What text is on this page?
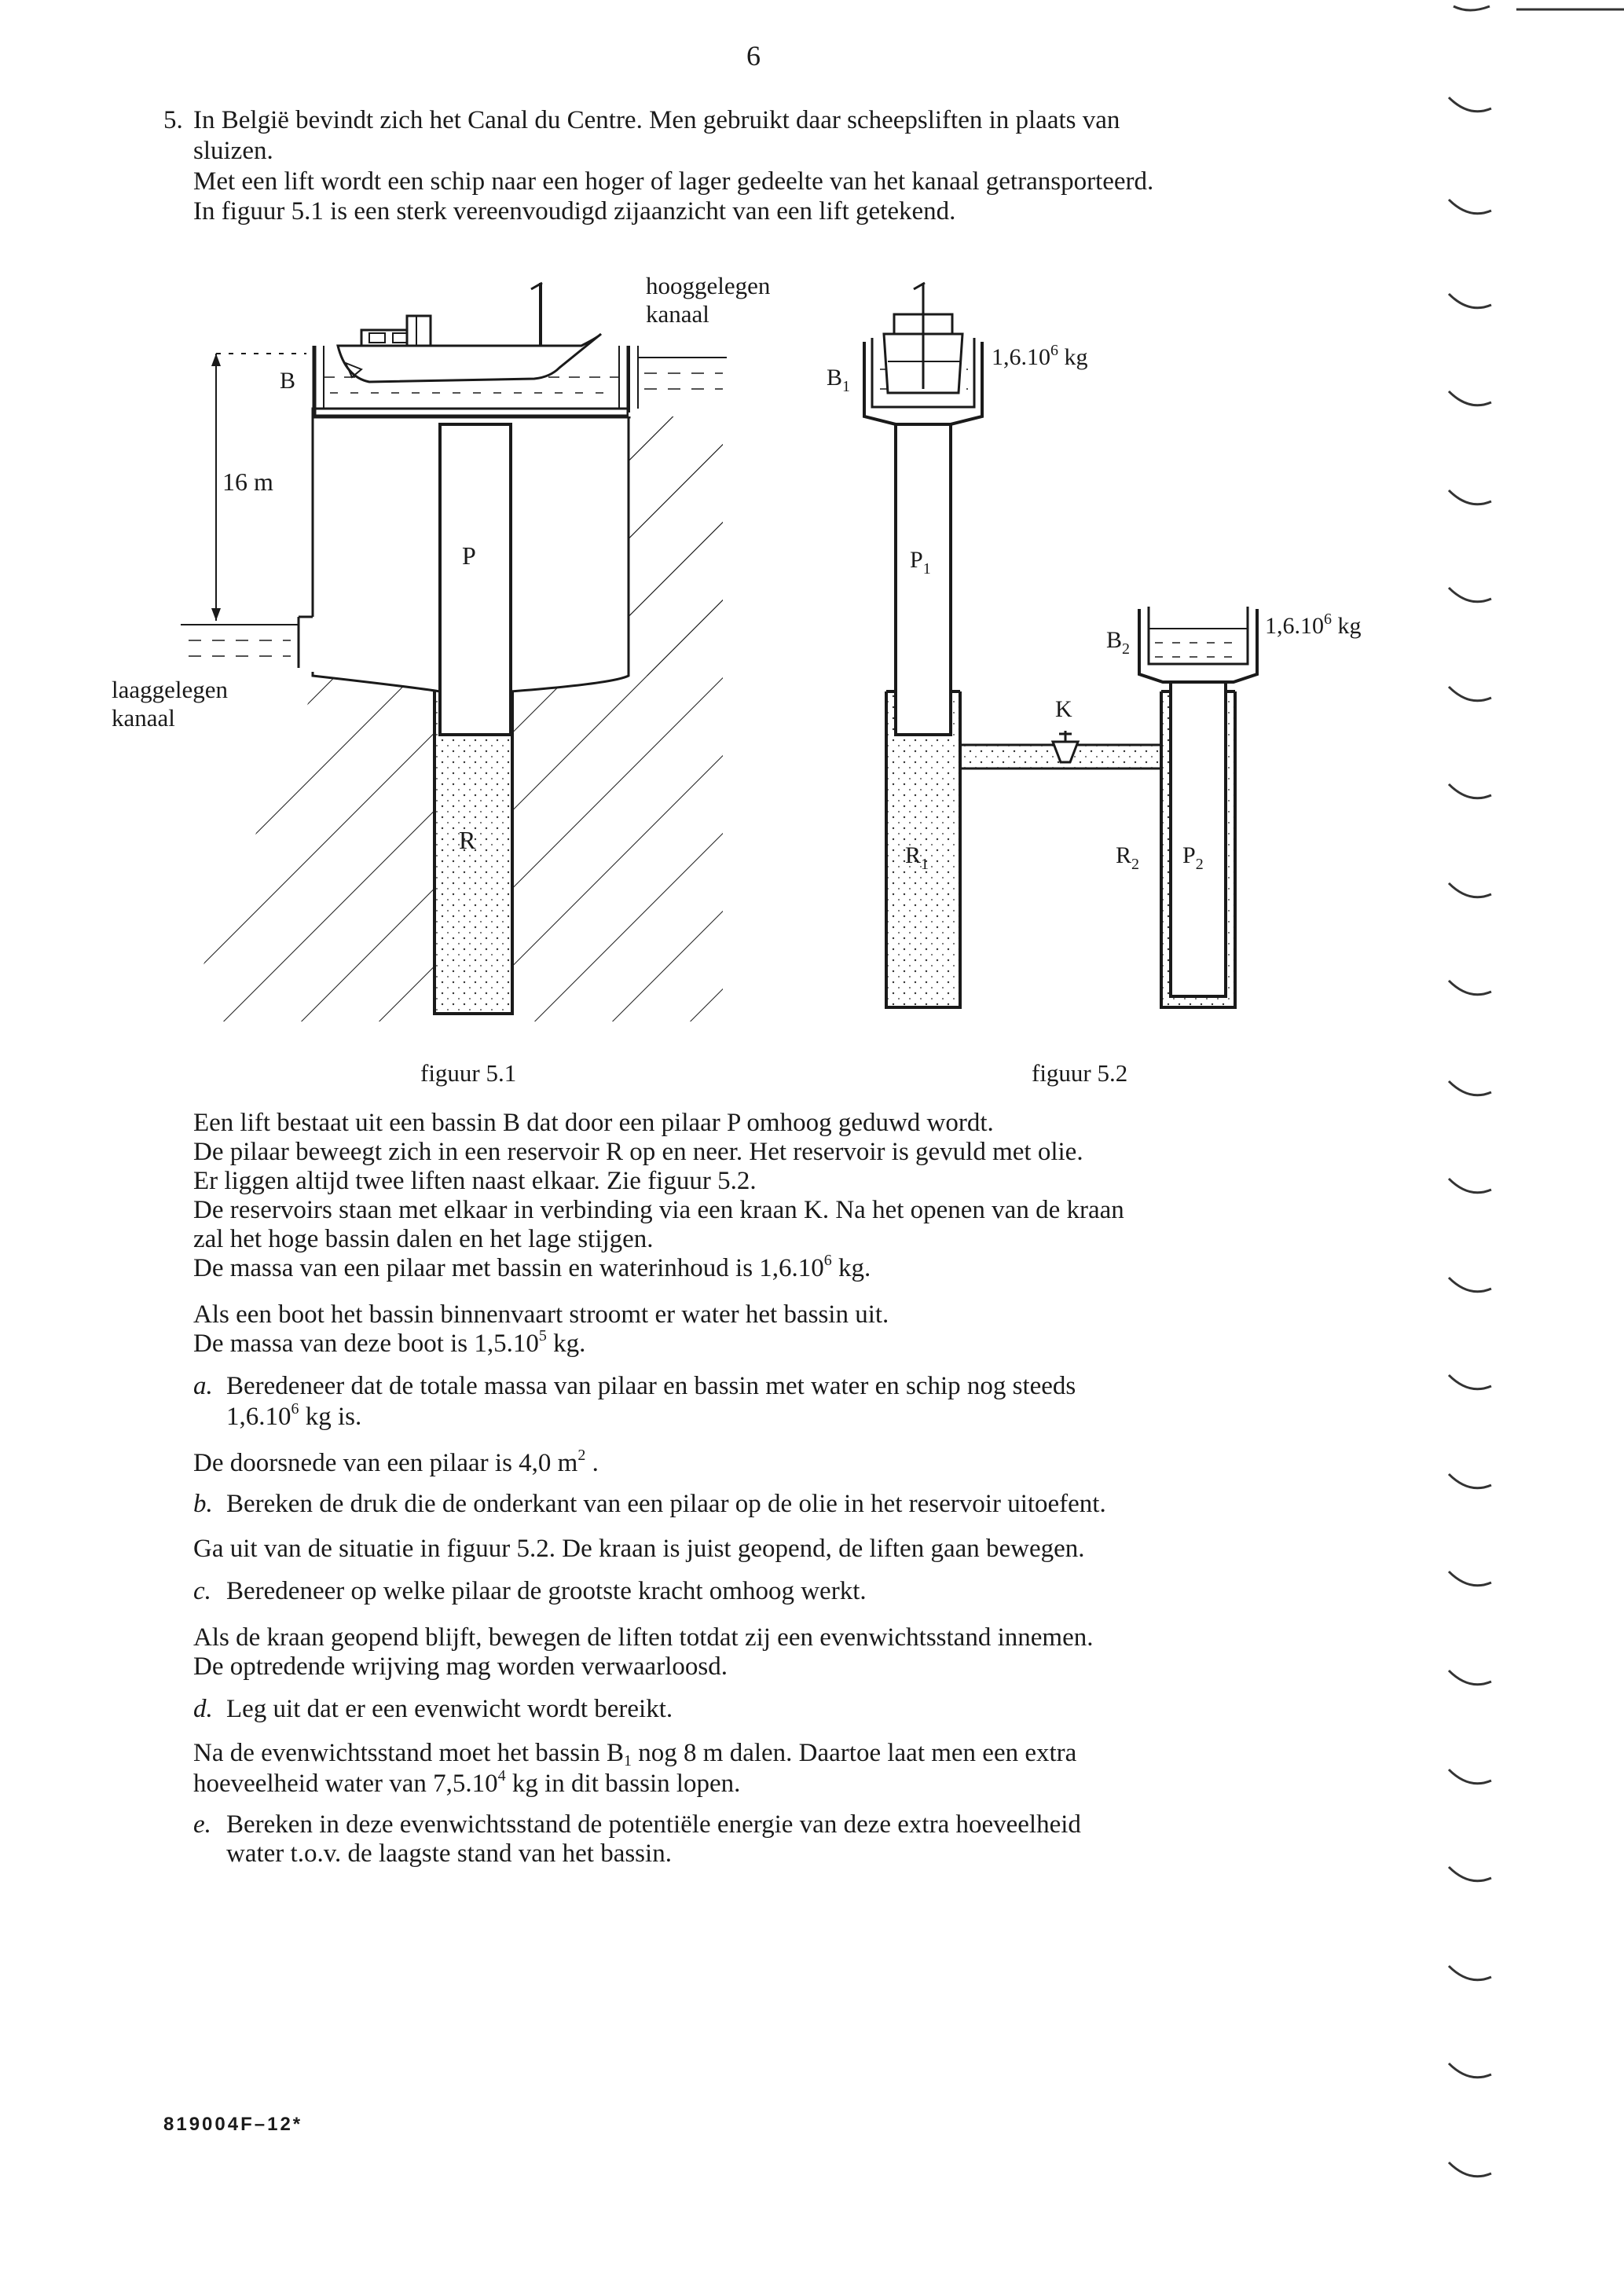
6
5. In België bevindt zich het Canal du Centre. Men gebruikt daar scheepsliften in plaats van
sluizen.
Met een lift wordt een schip naar een hoger of lager gedeelte van het kanaal getransporteerd.
In figuur 5.1 is een sterk vereenvoudigd zijaanzicht van een lift getekend.
16 m
B
P
R
hooggelegen
kanaal
laaggelegen
kanaal
$B_1$
1,6.10$^6$ kg
$P_1$
$B_2$
1,6.10$^6$ kg
K
$R_1$	$R_2$ $P_2$
figuur 5.1	figuur 5.2
Een lift bestaat uit een bassin B dat door een pilaar P omhoog geduwd wordt.
De pilaar beweegt zich in een reservoir R op en neer. Het reservoir is gevuld met olie.
Er liggen altijd twee liften naast elkaar. Zie figuur 5.2.
De reservoirs staan met elkaar in verbinding via een kraan K. Na het openen van de kraan
zal het hoge bassin dalen en het lage stijgen.
De massa van een pilaar met bassin en waterinhoud is 1,6.10$^6$ kg.
Als een boot het bassin binnenvaart stroomt er water het bassin uit.
De massa van deze boot is 1,5.10$^5$ kg.
a. Beredeneer dat de totale massa van pilaar en bassin met water en schip nog steeds
1,6.10$^6$ kg is.
De doorsnede van een pilaar is 4,0 $m^2$ .
b. Bereken de druk die de onderkant van een pilaar op de olie in het reservoir uitoefent.
Ga uit van de situatie in figuur 5.2. De kraan is juist geopend, de liften gaan bewegen.
c. Beredeneer op welke pilaar de grootste kracht omhoog werkt.
Als de kraan geopend blijft, bewegen de liften totdat zij een evenwichtsstand innemen.
De optredende wrijving mag worden verwaarloosd.
d. Leg uit dat er een evenwicht wordt bereikt.
Na de evenwichtsstand moet het bassin $B_1$ nog 8 m dalen. Daartoe laat men een extra
hoeveelheid water van 7,5.10$^4$ kg in dit bassin lopen.
e. Bereken in deze evenwichtsstand de potentiële energie van deze extra hoeveelheid
water t.o.v. de laagste stand van het bassin.
819004F–12*
